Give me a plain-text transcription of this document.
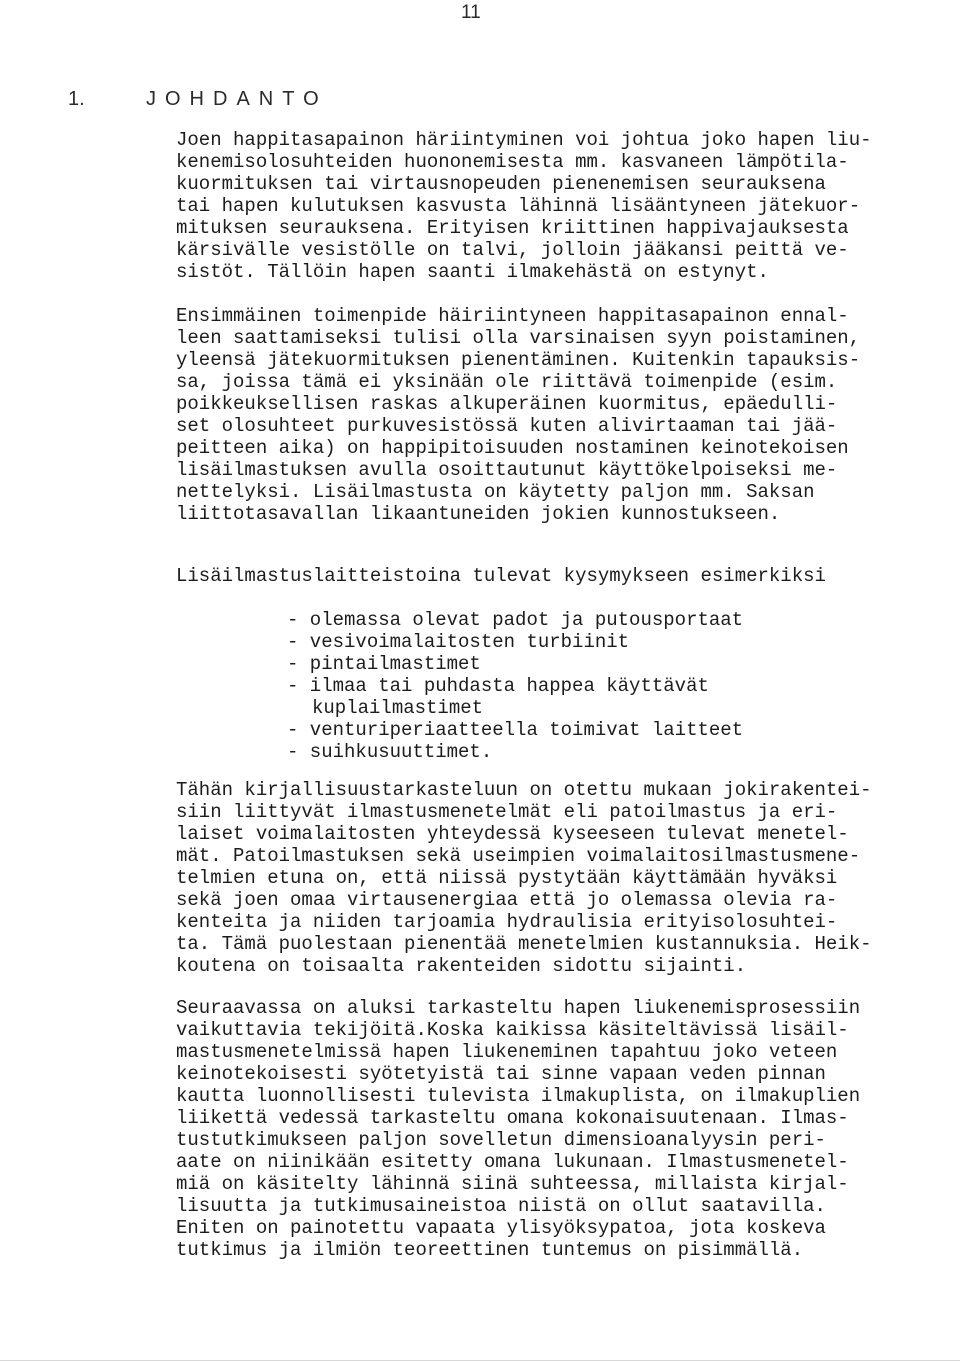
11
1.	JOHDANTO
Joen happitasapainon häriintyminen voi johtua joko hapen liu-
kenemisolosuhteiden huononemisesta mm. kasvaneen lämpötila-
kuormituksen tai virtausnopeuden pienenemisen seurauksena
tai hapen kulutuksen kasvusta lähinnä lisääntyneen jätekuor-
mituksen seurauksena. Erityisen kriittinen happivajauksesta
kärsivälle vesistölle on talvi, jolloin jääkansi peittä ve-
sistöt. Tällöin hapen saanti ilmakehästä on estynyt.
Ensimmäinen toimenpide häiriintyneen happitasapainon ennal-
leen saattamiseksi tulisi olla varsinaisen syyn poistaminen,
yleensä jätekuormituksen pienentäminen. Kuitenkin tapauksis-
sa, joissa tämä ei yksinään ole riittävä toimenpide (esim.
poikkeuksellisen raskas alkuperäinen kuormitus, epäedulli-
set olosuhteet purkuvesistössä kuten alivirtaaman tai jää-
peitteen aika) on happipitoisuuden nostaminen keinotekoisen
lisäilmastuksen avulla osoittautunut käyttökelpoiseksi me-
nettelyksi. Lisäilmastusta on käytetty paljon mm. Saksan
liittotasavallan likaantuneiden jokien kunnostukseen.
Lisäilmastuslaitteistoina tulevat kysymykseen esimerkiksi
- olemassa olevat padot ja putousportaat
- vesivoimalaitosten turbiinit
- pintailmastimet
- ilmaa tai puhdasta happea käyttävät
kuplailmastimet
- venturiperiaatteella toimivat laitteet
- suihkusuuttimet.
Tähän kirjallisuustarkasteluun on otettu mukaan jokirakentei-
siin liittyvät ilmastusmenetelmät eli patoilmastus ja eri-
laiset voimalaitosten yhteydessä kyseeseen tulevat menetel-
mät. Patoilmastuksen sekä useimpien voimalaitosilmastusmene-
telmien etuna on, että niissä pystytään käyttämään hyväksi
sekä joen omaa virtausenergiaa että jo olemassa olevia ra-
kenteita ja niiden tarjoamia hydraulisia erityisolosuhtei-
ta. Tämä puolestaan pienentää menetelmien kustannuksia. Heik-
koutena on toisaalta rakenteiden sidottu sijainti.
Seuraavassa on aluksi tarkasteltu hapen liukenemisprosessiin
vaikuttavia tekijöitä.Koska kaikissa käsiteltävissä lisäil-
mastusmenetelmissä hapen liukeneminen tapahtuu joko veteen
keinotekoisesti syötetyistä tai sinne vapaan veden pinnan
kautta luonnollisesti tulevista ilmakuplista, on ilmakuplien
liikettä vedessä tarkasteltu omana kokonaisuutenaan. Ilmas-
tustutkimukseen paljon sovelletun dimensioanalyysin peri-
aate on niinikään esitetty omana lukunaan. Ilmastusmenetel-
miä on käsitelty lähinnä siinä suhteessa, millaista kirjal-
lisuutta ja tutkimusaineistoa niistä on ollut saatavilla.
Eniten on painotettu vapaata ylisyöksypatoa, jota koskeva
tutkimus ja ilmiön teoreettinen tuntemus on pisimmällä.
